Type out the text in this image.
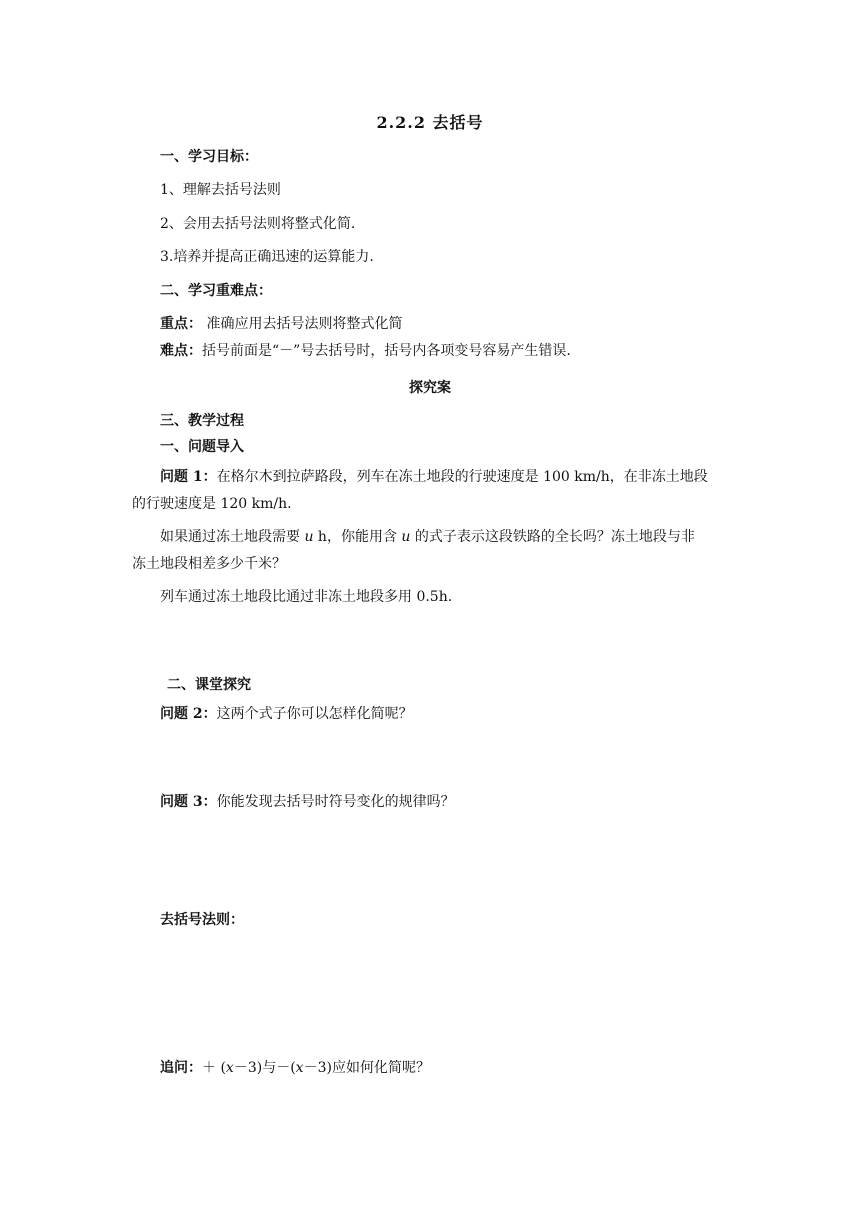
2.2.2 去括号
一、学习目标：
1、理解去括号法则
2、会用去括号法则将整式化简.
3.培养并提高正确迅速的运算能力.
二、学习重难点：
重点： 准确应用去括号法则将整式化简
难点：括号前面是“－”号去括号时，括号内各项变号容易产生错误.
探究案
三、教学过程
一、问题导入
问题 1：在格尔木到拉萨路段，列车在冻土地段的行驶速度是 100 km/h，在非冻土地段
的行驶速度是 120 km/h.
如果通过冻土地段需要 u h，你能用含 u 的式子表示这段铁路的全长吗？冻土地段与非
冻土地段相差多少千米？
列车通过冻土地段比通过非冻土地段多用 0.5h.
二、课堂探究
问题 2：这两个式子你可以怎样化简呢？
问题 3：你能发现去括号时符号变化的规律吗？
去括号法则：
追问：＋ (x－3)与－(x－3)应如何化简呢？
